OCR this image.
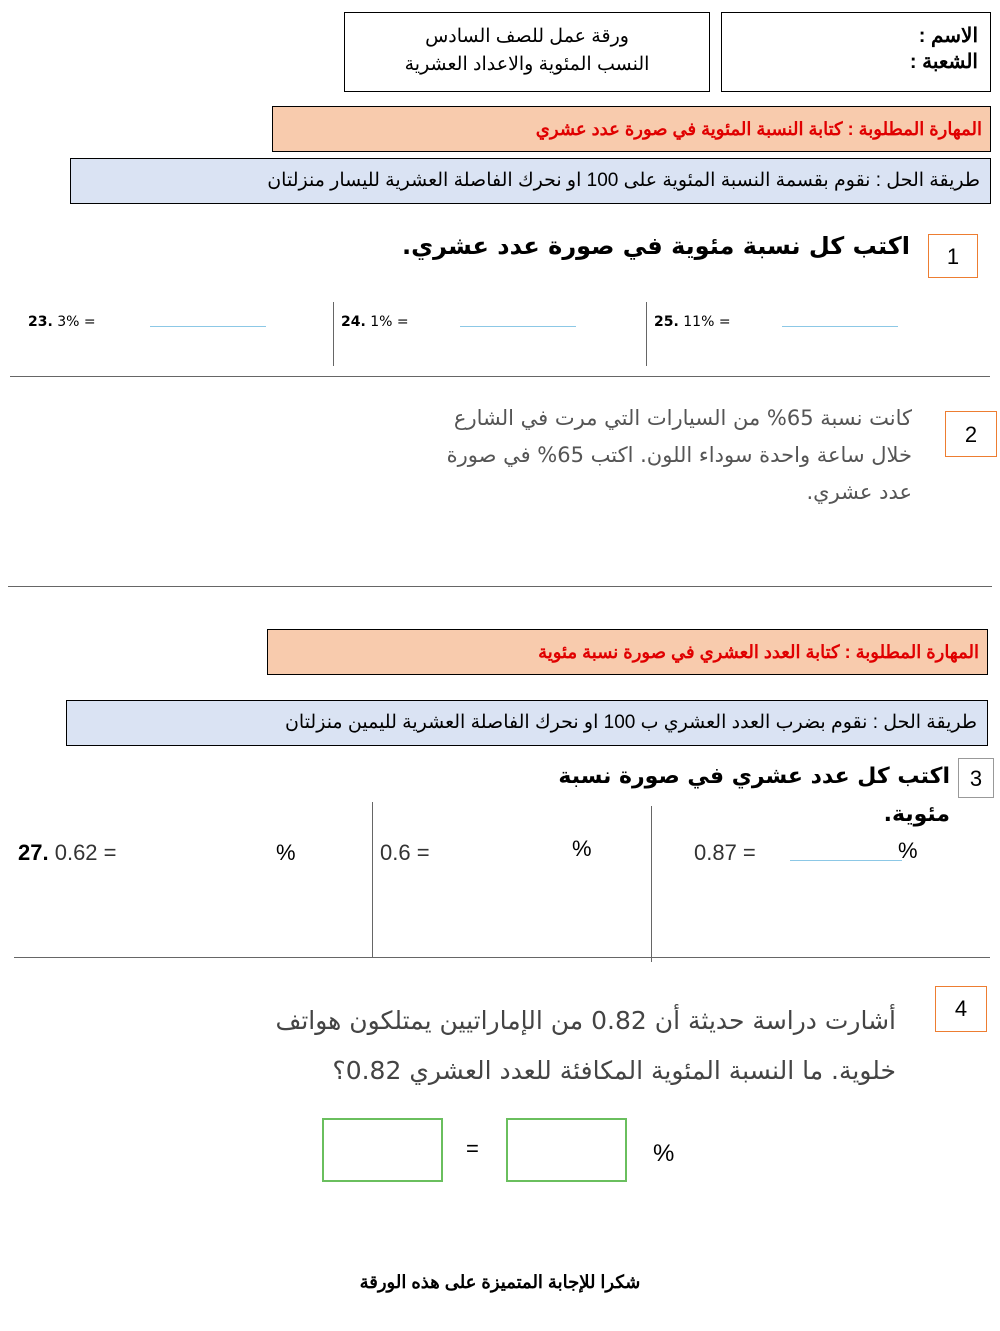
الاسم :
الشعبة :
ورقة عمل للصف السادس
النسب المئوية والاعداد العشرية
المهارة المطلوبة : كتابة النسبة المئوية في صورة عدد عشري
طريقة الحل : نقوم بقسمة النسبة المئوية على 100 او نحرك الفاصلة العشرية لليسار منزلتان
1
اكتب كل نسبة مئوية في صورة عدد عشري.
23. 3% =	24. 1% =	25. 11% =
2
كانت نسبة 65% من السيارات التي مرت في الشارع
خلال ساعة واحدة سوداء اللون. اكتب 65% في صورة
عدد عشري.
المهارة المطلوبة : كتابة العدد العشري في صورة نسبة مئوية
طريقة الحل : نقوم بضرب العدد العشري ب 100 او نحرك الفاصلة العشرية لليمين منزلتان
3
اكتب كل عدد عشري في صورة نسبة مئوية.
27. 0.62 =	%	0.6 =	%	0.87 =	%
4
أشارت دراسة حديثة أن 0.82 من الإماراتيين يمتلكون هواتف
خلوية. ما النسبة المئوية المكافئة للعدد العشري 0.82؟
=	%
شكرا للإجابة المتميزة على هذه الورقة
